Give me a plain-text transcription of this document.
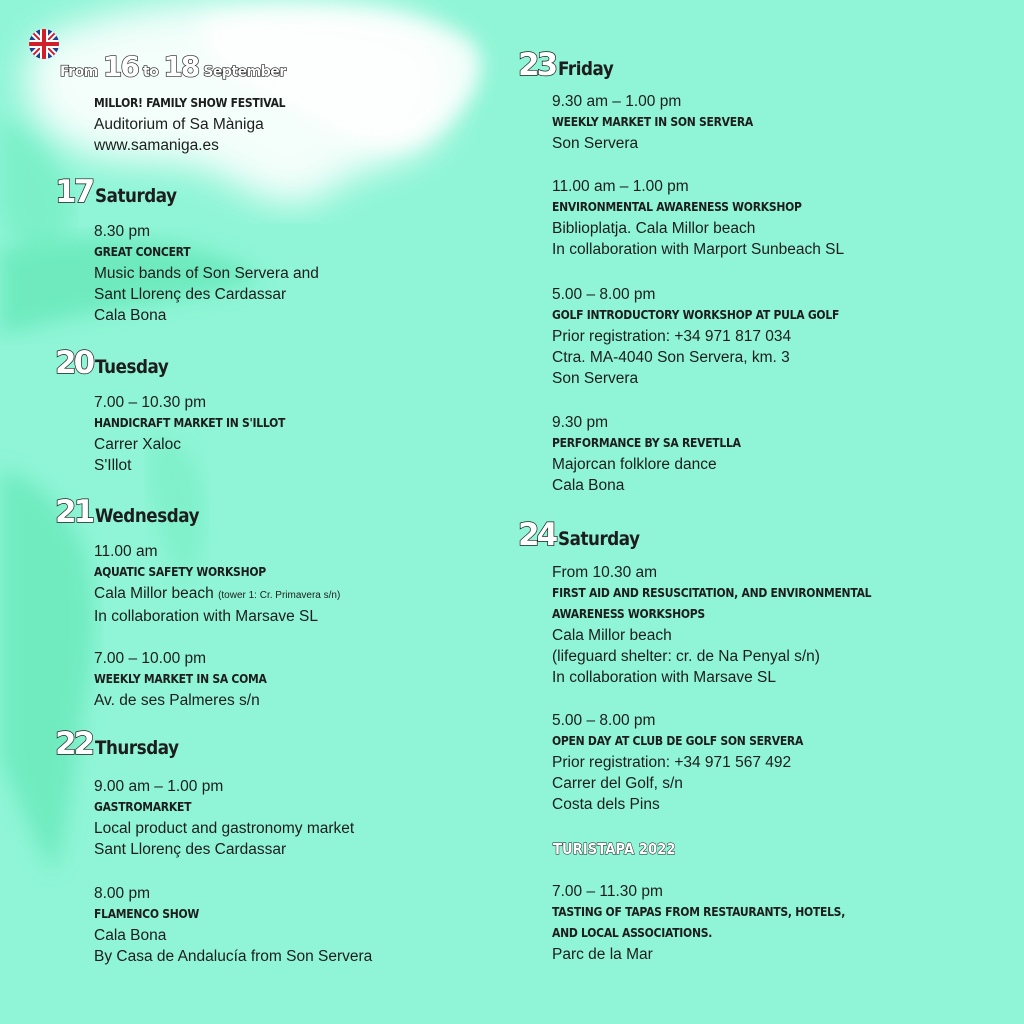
From 16 to 18 September
MILLOR! FAMILY SHOW FESTIVAL
Auditorium of Sa Màniga
www.samaniga.es
17 Saturday
8.30 pm
GREAT CONCERT
Music bands of Son Servera and
Sant Llorenç des Cardassar
Cala Bona
20 Tuesday
7.00 – 10.30 pm
HANDICRAFT MARKET IN S'ILLOT
Carrer Xaloc
S'Illot
21 Wednesday
11.00 am
AQUATIC SAFETY WORKSHOP
Cala Millor beach (tower 1: Cr. Primavera s/n)
In collaboration with Marsave SL
7.00 – 10.00 pm
WEEKLY MARKET IN SA COMA
Av. de ses Palmeres s/n
22 Thursday
9.00 am – 1.00 pm
GASTROMARKET
Local product and gastronomy market
Sant Llorenç des Cardassar
8.00 pm
FLAMENCO SHOW
Cala Bona
By Casa de Andalucía from Son Servera
23 Friday
9.30 am – 1.00 pm
WEEKLY MARKET IN SON SERVERA
Son Servera
11.00 am – 1.00 pm
ENVIRONMENTAL AWARENESS WORKSHOP
Biblioplatja. Cala Millor beach
In collaboration with Marport Sunbeach SL
5.00 – 8.00 pm
GOLF INTRODUCTORY WORKSHOP AT PULA GOLF
Prior registration: +34 971 817 034
Ctra. MA-4040 Son Servera, km. 3
Son Servera
9.30 pm
PERFORMANCE BY SA REVETLLA
Majorcan folklore dance
Cala Bona
24 Saturday
From 10.30 am
FIRST AID AND RESUSCITATION, AND ENVIRONMENTAL
AWARENESS WORKSHOPS
Cala Millor beach
(lifeguard shelter: cr. de Na Penyal s/n)
In collaboration with Marsave SL
5.00 – 8.00 pm
OPEN DAY AT CLUB DE GOLF SON SERVERA
Prior registration: +34 971 567 492
Carrer del Golf, s/n
Costa dels Pins
TURISTAPA 2022
7.00 – 11.30 pm
TASTING OF TAPAS FROM RESTAURANTS, HOTELS,
AND LOCAL ASSOCIATIONS.
Parc de la Mar
